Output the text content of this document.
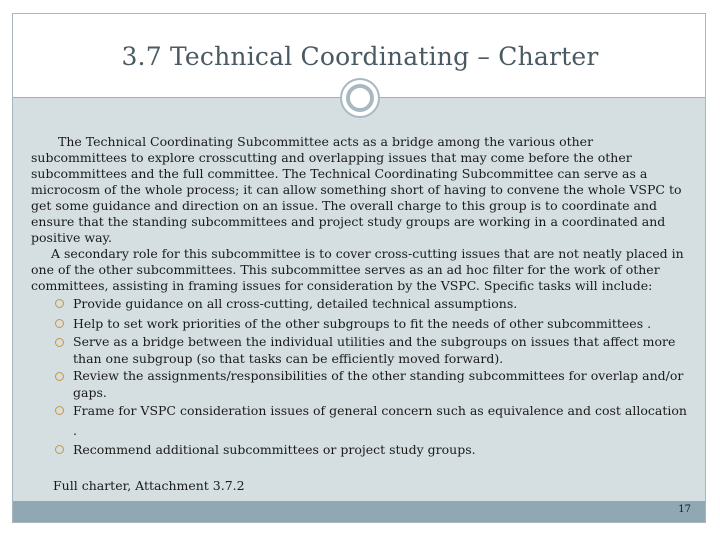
3.7 Technical Coordinating – Charter

The Technical Coordinating Subcommittee acts as a bridge among the various other subcommittees to explore crosscutting and overlapping issues that may come before the other subcommittees and the full committee. The Technical Coordinating Subcommittee can serve as a microcosm of the whole process; it can allow something short of having to convene the whole VSPC to get some guidance and direction on an issue. The overall charge to this group is to coordinate and ensure that the standing subcommittees and project study groups are working in a coordinated and positive way.

A secondary role for this subcommittee is to cover cross-cutting issues that are not neatly placed in one of the other subcommittees. This subcommittee serves as an ad hoc filter for the work of other committees, assisting in framing issues for consideration by the VSPC. Specific tasks will include:

Provide guidance on all cross-cutting, detailed technical assumptions.
Help to set work priorities of the other subgroups to fit the needs of other subcommittees .
Serve as a bridge between the individual utilities and the subgroups on issues that affect more than one subgroup (so that tasks can be efficiently moved forward).
Review the assignments/responsibilities of the other standing subcommittees for overlap and/or gaps.
Frame for VSPC consideration issues of general concern such as equivalence and cost allocation .
Recommend additional subcommittees or project study groups.
Full charter, Attachment 3.7.2
17
